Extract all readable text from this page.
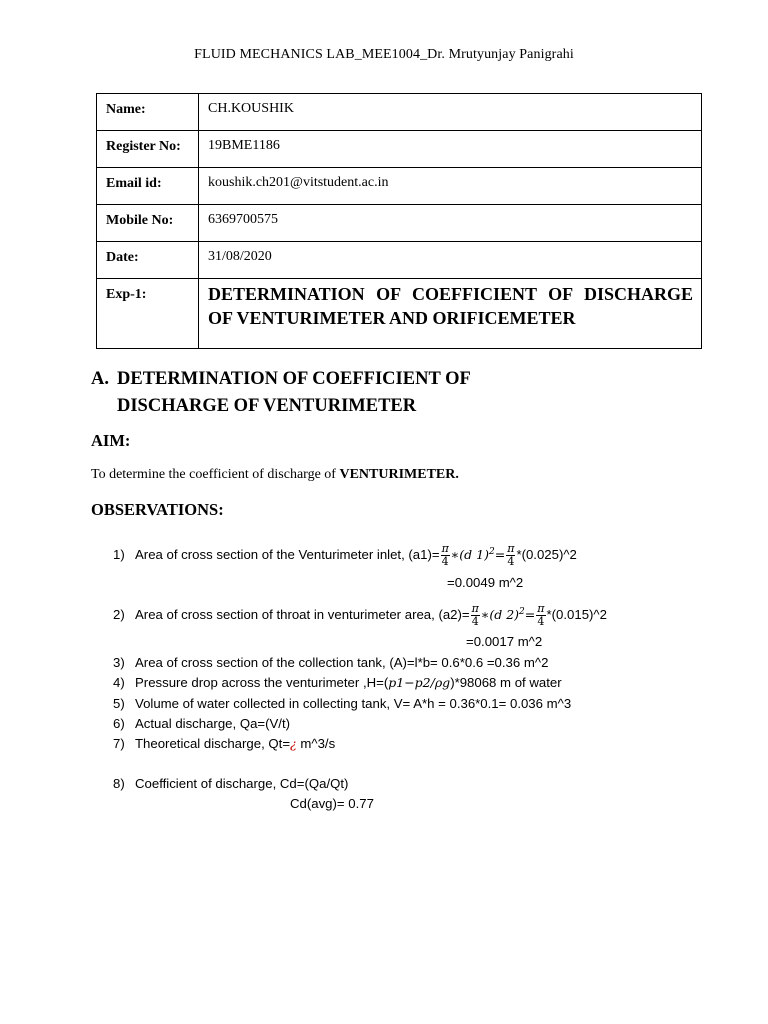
FLUID MECHANICS LAB_MEE1004_Dr. Mrutyunjay Panigrahi
Name:	CH.KOUSHIK
Register No:	19BME1186
Email id:	koushik.ch201@vitstudent.ac.in
Mobile No:	6369700575
Date:	31/08/2020
Exp-1:	DETERMINATION OF COEFFICIENT OF DISCHARGE OF VENTURIMETER AND ORIFICEMETER
A. DETERMINATION OF COEFFICIENT OF
DISCHARGE OF VENTURIMETER
AIM:
To determine the coefficient of discharge of VENTURIMETER.
OBSERVATIONS:
1) Area of cross section of the Venturimeter inlet, $(a1)= \frac{\pi}{4}$ ∗(d $1)^2= \frac{\pi}{4}$ *(0.025)^2
=0.0049 m^2
2) Area of cross section of throat in venturimeter area, $(a2)= \frac{\pi}{4}$ ∗(d $2)^2= \frac{\pi}{4}$ *(0.015)^2
=0.0017 m^2
3) Area of cross section of the collection tank, (A)=l*b= 0.6*0.6 =0.36 m^2
4) Pressure drop across the venturimeter ,H=(p1−p2/ρg)*98068 m of water
5) Volume of water collected in collecting tank, V= A*h = 0.36*0.1= 0.036 m^3
6) Actual discharge, Qa=(V/t)
7) Theoretical discharge, Qt=¿ m^3/s
8) Coefficient of discharge, Cd=(Qa/Qt)
Cd(avg)= 0.77
